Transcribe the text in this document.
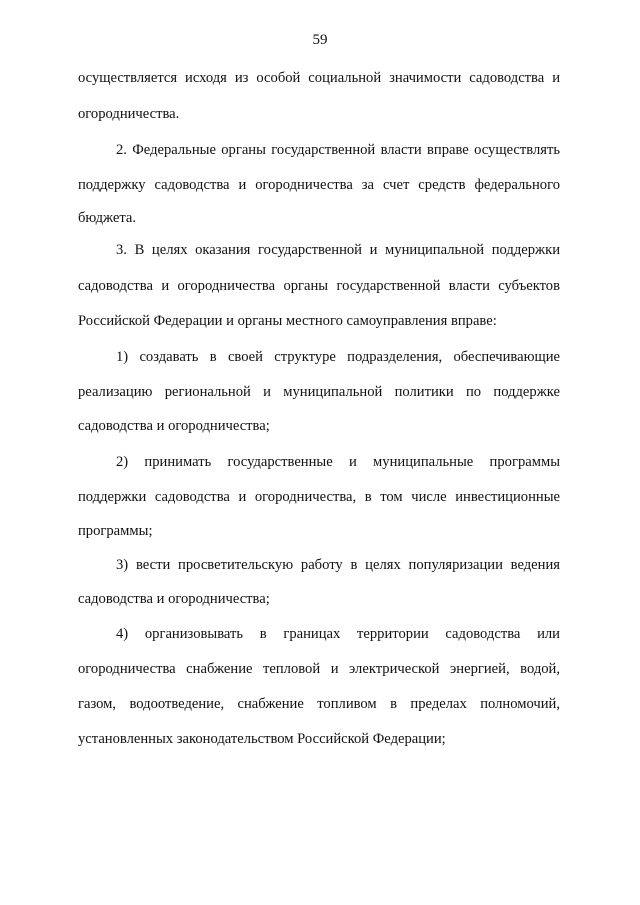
59
осуществляется исходя из особой социальной значимости садоводства и
огородничества.
2. Федеральные органы государственной власти вправе осуществлять
поддержку садоводства и огородничества за счет средств федерального
бюджета.
3. В целях оказания государственной и муниципальной поддержки
садоводства и огородничества органы государственной власти субъектов
Российской Федерации и органы местного самоуправления вправе:
1) создавать в своей структуре подразделения, обеспечивающие
реализацию региональной и муниципальной политики по поддержке
садоводства и огородничества;
2) принимать государственные и муниципальные программы
поддержки садоводства и огородничества, в том числе инвестиционные
программы;
3) вести просветительскую работу в целях популяризации ведения
садоводства и огородничества;
4) организовывать в границах территории садоводства или
огородничества снабжение тепловой и электрической энергией, водой,
газом, водоотведение, снабжение топливом в пределах полномочий,
установленных законодательством Российской Федерации;
